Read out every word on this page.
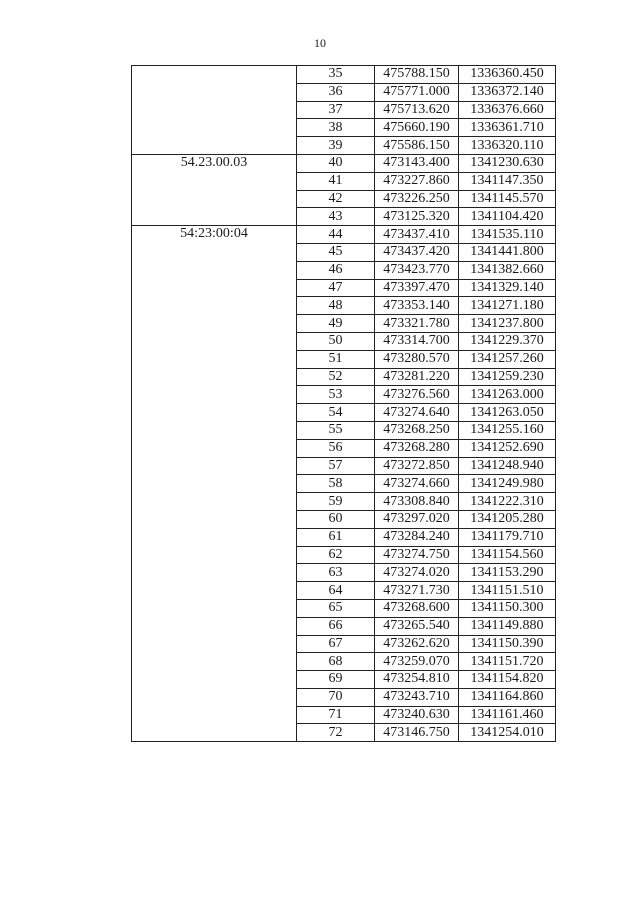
10
	35	475788.150	1336360.450
	36	475771.000	1336372.140
	37	475713.620	1336376.660
	38	475660.190	1336361.710
	39	475586.150	1336320.110
54.23.00.03	40	473143.400	1341230.630
	41	473227.860	1341147.350
	42	473226.250	1341145.570
	43	473125.320	1341104.420
54:23:00:04	44	473437.410	1341535.110
	45	473437.420	1341441.800
	46	473423.770	1341382.660
	47	473397.470	1341329.140
	48	473353.140	1341271.180
	49	473321.780	1341237.800
	50	473314.700	1341229.370
	51	473280.570	1341257.260
	52	473281.220	1341259.230
	53	473276.560	1341263.000
	54	473274.640	1341263.050
	55	473268.250	1341255.160
	56	473268.280	1341252.690
	57	473272.850	1341248.940
	58	473274.660	1341249.980
	59	473308.840	1341222.310
	60	473297.020	1341205.280
	61	473284.240	1341179.710
	62	473274.750	1341154.560
	63	473274.020	1341153.290
	64	473271.730	1341151.510
	65	473268.600	1341150.300
	66	473265.540	1341149.880
	67	473262.620	1341150.390
	68	473259.070	1341151.720
	69	473254.810	1341154.820
	70	473243.710	1341164.860
	71	473240.630	1341161.460
	72	473146.750	1341254.010
